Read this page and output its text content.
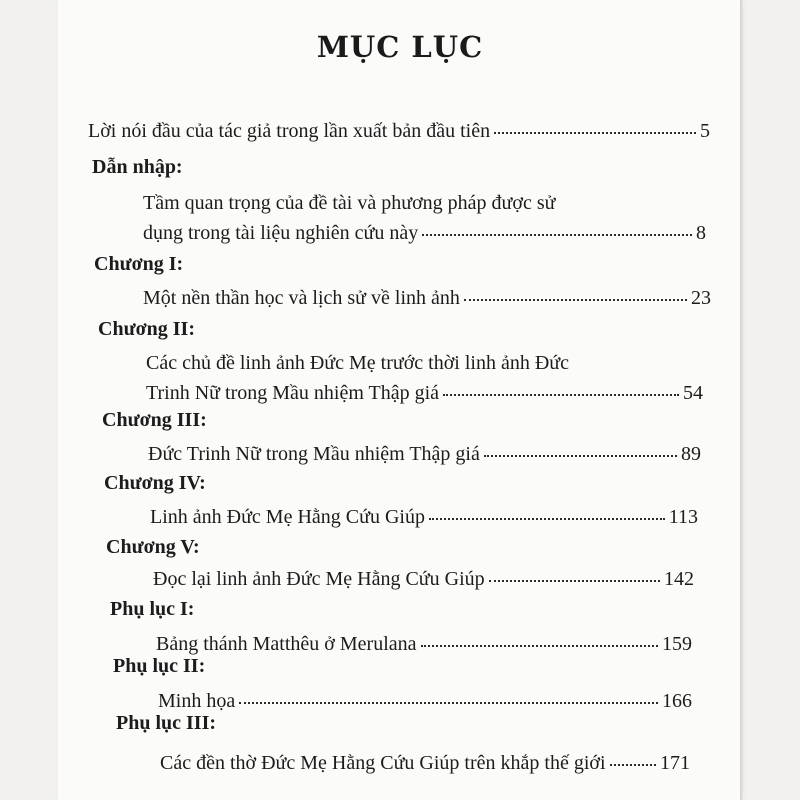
MỤC LỤC
Lời nói đầu của tác giả trong lần xuất bản đầu tiên	5
Dẫn nhập:
Tầm quan trọng của đề tài và phương pháp được sử
dụng trong tài liệu nghiên cứu này	8
Chương I:
Một nền thần học và lịch sử về linh ảnh	23
Chương II:
Các chủ đề linh ảnh Đức Mẹ trước thời linh ảnh Đức
Trinh Nữ trong Mầu nhiệm Thập giá	54
Chương III:
Đức Trinh Nữ trong Mầu nhiệm Thập giá	89
Chương IV:
Linh ảnh Đức Mẹ Hằng Cứu Giúp	113
Chương V:
Đọc lại linh ảnh Đức Mẹ Hằng Cứu Giúp	142
Phụ lục I:
Bảng thánh Matthêu ở Merulana	159
Phụ lục II:
Minh họa	166
Phụ lục III:
Các đền thờ Đức Mẹ Hằng Cứu Giúp trên khắp thế giới	171
